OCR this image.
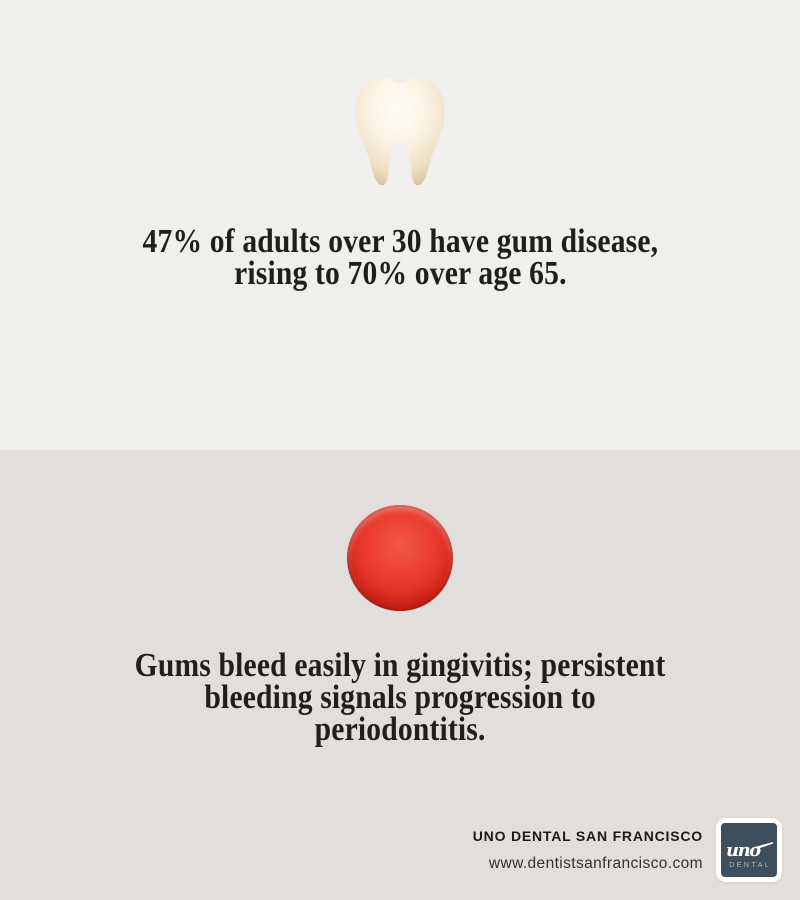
47% of adults over 30 have gum disease,
rising to 70% over age 65.
Gums bleed easily in gingivitis; persistent
bleeding signals progression to
periodontitis.
UNO DENTAL SAN FRANCISCO
www.dentistsanfrancisco.com
uno
DENTAL
